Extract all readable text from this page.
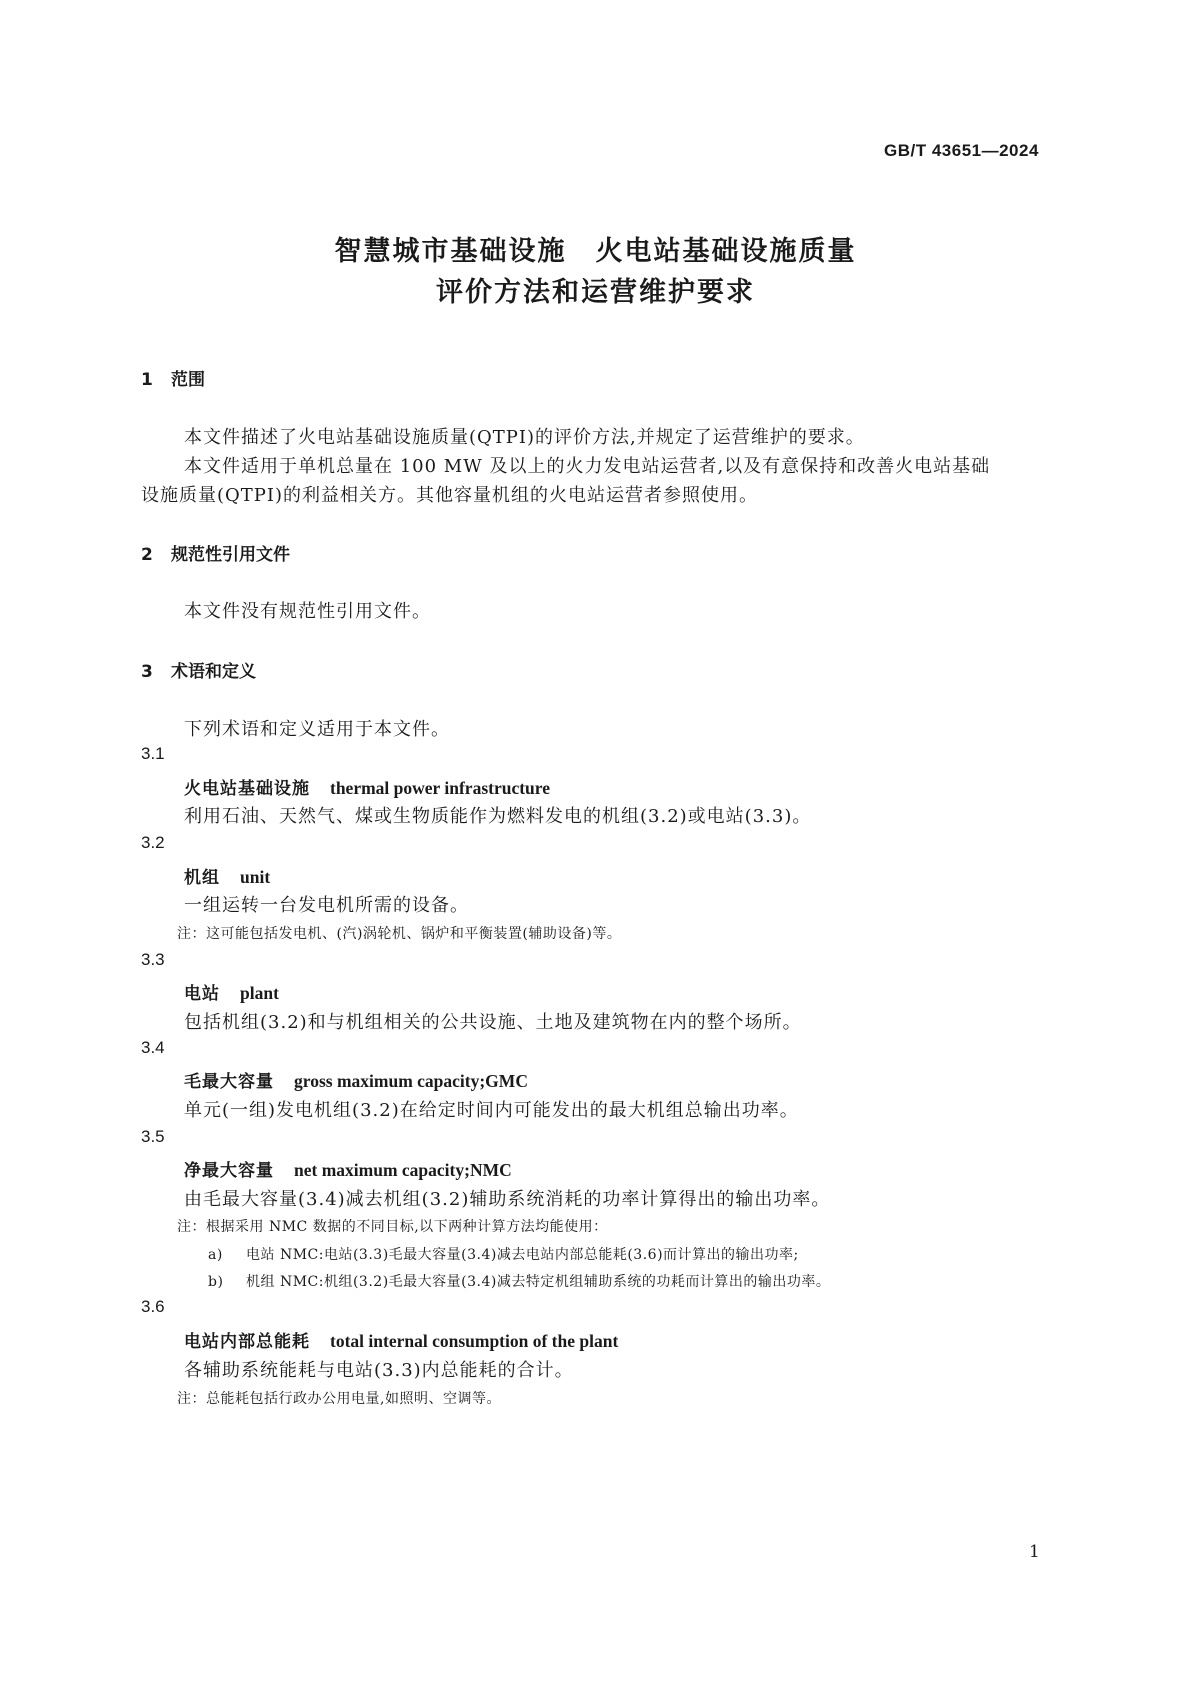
GB/T 43651—2024
智慧城市基础设施　火电站基础设施质量
评价方法和运营维护要求
1 范围
本文件描述了火电站基础设施质量(QTPI)的评价方法,并规定了运营维护的要求。
本文件适用于单机总量在 100 MW 及以上的火力发电站运营者,以及有意保持和改善火电站基础
设施质量(QTPI)的利益相关方。其他容量机组的火电站运营者参照使用。
2 规范性引用文件
本文件没有规范性引用文件。
3 术语和定义
下列术语和定义适用于本文件。
3.1
火电站基础设施 thermal power infrastructure
利用石油、天然气、煤或生物质能作为燃料发电的机组(3.2)或电站(3.3)。
3.2
机组 unit
一组运转一台发电机所需的设备。
注：这可能包括发电机、(汽)涡轮机、锅炉和平衡装置(辅助设备)等。
3.3
电站 plant
包括机组(3.2)和与机组相关的公共设施、土地及建筑物在内的整个场所。
3.4
毛最大容量 gross maximum capacity;GMC
单元(一组)发电机组(3.2)在给定时间内可能发出的最大机组总输出功率。
3.5
净最大容量 net maximum capacity;NMC
由毛最大容量(3.4)减去机组(3.2)辅助系统消耗的功率计算得出的输出功率。
注：根据采用 NMC 数据的不同目标,以下两种计算方法均能使用：
a) 电站 NMC:电站(3.3)毛最大容量(3.4)减去电站内部总能耗(3.6)而计算出的输出功率;
b) 机组 NMC:机组(3.2)毛最大容量(3.4)减去特定机组辅助系统的功耗而计算出的输出功率。
3.6
电站内部总能耗 total internal consumption of the plant
各辅助系统能耗与电站(3.3)内总能耗的合计。
注：总能耗包括行政办公用电量,如照明、空调等。
1
